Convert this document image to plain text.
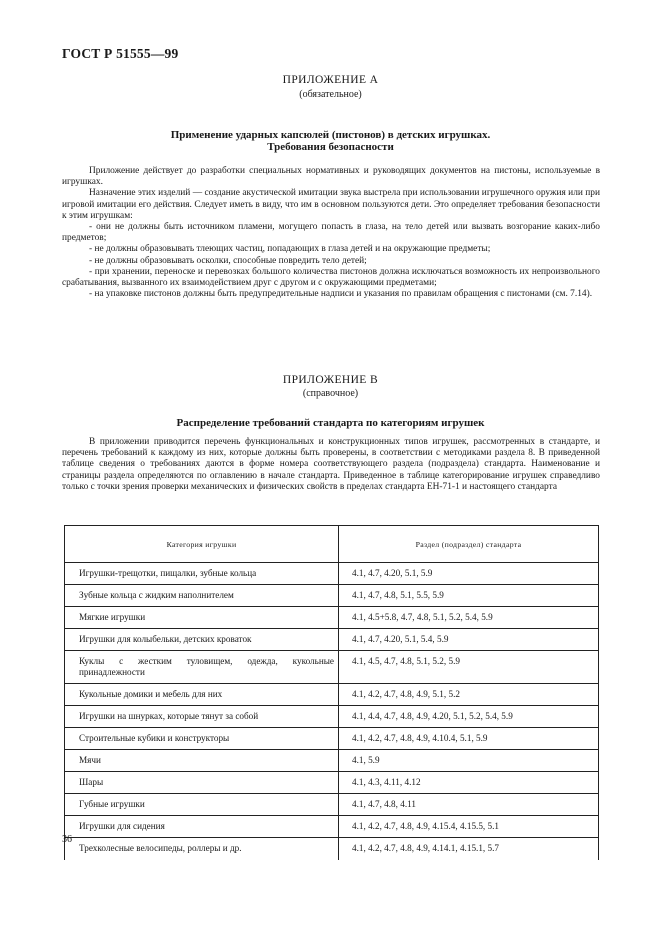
ГОСТ Р 51555—99
ПРИЛОЖЕНИЕ А
(обязательное)
Применение ударных капсюлей (пистонов) в детских игрушках.
Требования безопасности

Приложение действует до разработки специальных нормативных и руководящих документов на пистоны, используемые в игрушках.

Назначение этих изделий — создание акустической имитации звука выстрела при использовании игрушечного оружия или при игровой имитации его действия. Следует иметь в виду, что им в основном пользуются дети. Это определяет требования безопасности к этим игрушкам:

- они не должны быть источником пламени, могущего попасть в глаза, на тело детей или вызвать возгорание каких-либо предметов;

- не должны образовывать тлеющих частиц, попадающих в глаза детей и на окружающие предметы;

- не должны образовывать осколки, способные повредить тело детей;

- при хранении, переноске и перевозках большого количества пистонов должна исключаться возможность их непроизвольного срабатывания, вызванного их взаимодействием друг с другом и с окружающими предметами;

- на упаковке пистонов должны быть предупредительные надписи и указания по правилам обращения с пистонами (см. 7.14).

ПРИЛОЖЕНИЕ В
(справочное)
Распределение требований стандарта по категориям игрушек

В приложении приводится перечень функциональных и конструкционных типов игрушек, рассмотренных в стандарте, и перечень требований к каждому из них, которые должны быть проверены, в соответствии с методиками раздела 8. В приведенной таблице сведения о требованиях даются в форме номера соответствующего раздела (подраздела) стандарта. Наименование и страницы раздела определяются по оглавлению в начале стандарта. Приведенное в таблице категорирование игрушек справедливо только с точки зрения проверки механических и физических свойств в пределах стандарта ЕН-71-1 и настоящего стандарта

Категория игрушки	Раздел (подраздел) стандарта
Игрушки-трещотки, пищалки, зубные кольца	4.1, 4.7, 4.20, 5.1, 5.9
Зубные кольца с жидким наполнителем	4.1, 4.7, 4.8, 5.1, 5.5, 5.9
Мягкие игрушки	4.1, 4.5+5.8, 4.7, 4.8, 5.1, 5.2, 5.4, 5.9
Игрушки для колыбельки, детских кроваток	4.1, 4.7, 4.20, 5.1, 5.4, 5.9
Куклы с жестким туловищем, одежда, кукольные принадлежности	4.1, 4.5, 4.7, 4.8, 5.1, 5.2, 5.9
Кукольные домики и мебель для них	4.1, 4.2, 4.7, 4.8, 4.9, 5.1, 5.2
Игрушки на шнурках, которые тянут за собой	4.1, 4.4, 4.7, 4.8, 4.9, 4.20, 5.1, 5.2, 5.4, 5.9
Строительные кубики и конструкторы	4.1, 4.2, 4.7, 4.8, 4.9, 4.10.4, 5.1, 5.9
Мячи	4.1, 5.9
Шары	4.1, 4.3, 4.11, 4.12
Губные игрушки	4.1, 4.7, 4.8, 4.11
Игрушки для сидения	4.1, 4.2, 4.7, 4.8, 4.9, 4.15.4, 4.15.5, 5.1
Трехколесные велосипеды, роллеры и др.	4.1, 4.2, 4.7, 4.8, 4.9, 4.14.1, 4.15.1, 5.7
36
